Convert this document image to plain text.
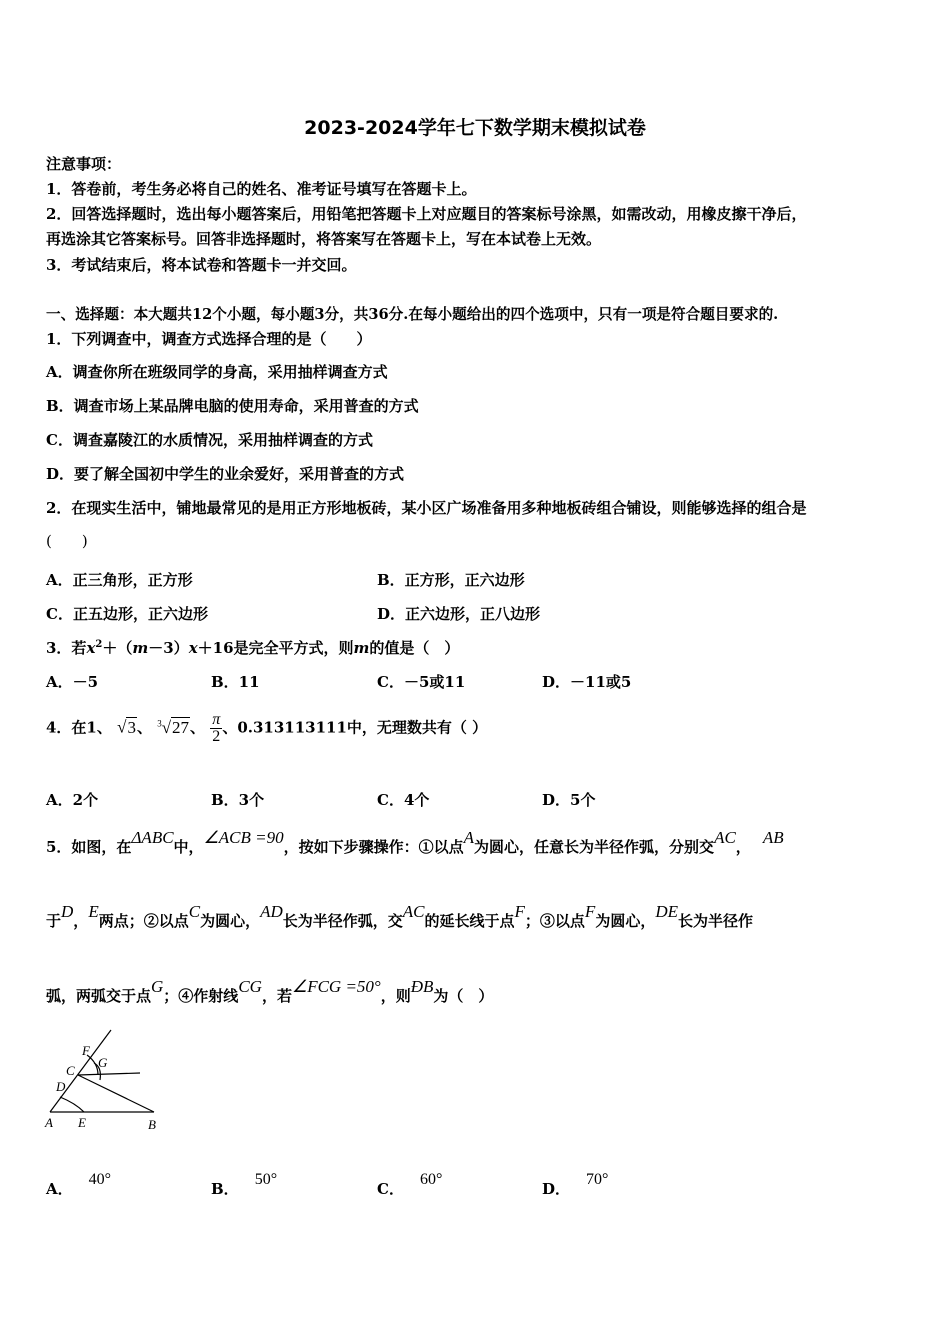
2023-2024学年七下数学期末模拟试卷
注意事项：
1．答卷前，考生务必将自己的姓名、准考证号填写在答题卡上。
2．回答选择题时，选出每小题答案后，用铅笔把答题卡上对应题目的答案标号涂黑，如需改动，用橡皮擦干净后，
再选涂其它答案标号。回答非选择题时，将答案写在答题卡上，写在本试卷上无效。
3．考试结束后，将本试卷和答题卡一并交回。
一、选择题：本大题共12个小题，每小题3分，共36分.在每小题给出的四个选项中，只有一项是符合题目要求的.
1．下列调查中，调查方式选择合理的是（　　）
A．调查你所在班级同学的身高，采用抽样调查方式
B．调查市场上某品牌电脑的使用寿命，采用普查的方式
C．调查嘉陵江的水质情况，采用抽样调查的方式
D．要了解全国初中学生的业余爱好，采用普查的方式
2．在现实生活中，铺地最常见的是用正方形地板砖，某小区广场准备用多种地板砖组合铺设，则能够选择的组合是
(　　)
A．正三角形，正方形	B．正方形，正六边形
C．正五边形，正六边形	D．正六边形，正八边形
3．若$x^2+(m-3)x+16$是完全平方式，则m的值是（　）
A．－5	B．11	C．－5或11	D．－11或5
4．在1、 √3、 $^3$√27、 $\frac{\pi}{2}$ 、0.313113111中，无理数共有（ ）
A．2个	B．3个	C．4个	D．5个
5．如图，在ΔABC中，∠ACB =90，按如下步骤操作：①以点A为圆心，任意长为半径作弧，分别交AC， AB
于D，E两点；②以点C为圆心，AD长为半径作弧，交AC的延长线于点F；③以点F为圆心，DE长为半径作
弧，两弧交于点G；④作射线CG，若∠FCG =50°，则ÐB为（　）
F
G
C
D
A E	B
A．40°
B．50°
C．60°
D．70°
